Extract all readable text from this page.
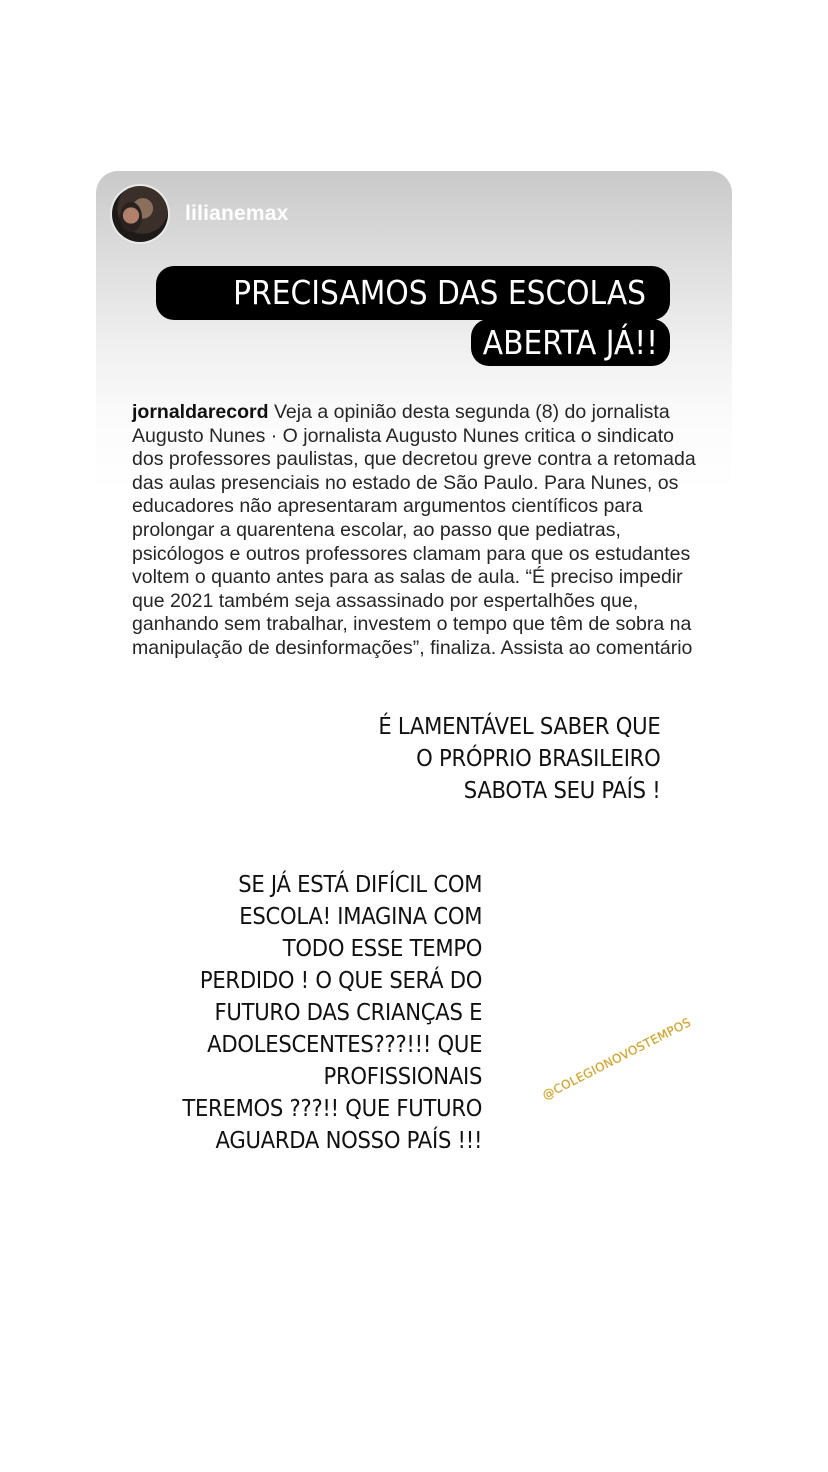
lilianemax
PRECISAMOS DAS ESCOLAS
ABERTA JÁ!!
jornaldarecord Veja a opinião desta segunda (8) do jornalista Augusto Nunes · O jornalista Augusto Nunes critica o sindicato dos professores paulistas, que decretou greve contra a retomada das aulas presenciais no estado de São Paulo. Para Nunes, os educadores não apresentaram argumentos científicos para prolongar a quarentena escolar, ao passo que pediatras, psicólogos e outros professores clamam para que os estudantes voltem o quanto antes para as salas de aula. “É preciso impedir que 2021 também seja assassinado por espertalhões que, ganhando sem trabalhar, investem o tempo que têm de sobra na manipulação de desinformações”, finaliza. Assista ao comentário
É LAMENTÁVEL SABER QUE
O PRÓPRIO BRASILEIRO
SABOTA SEU PAÍS !
SE JÁ ESTÁ DIFÍCIL COM
ESCOLA! IMAGINA COM
TODO ESSE TEMPO
PERDIDO ! O QUE SERÁ DO
FUTURO DAS CRIANÇAS E
ADOLESCENTES???!!! QUE
PROFISSIONAIS
TEREMOS ???!! QUE FUTURO
AGUARDA NOSSO PAÍS !!!
@COLEGIONOVOSTEMPOS
